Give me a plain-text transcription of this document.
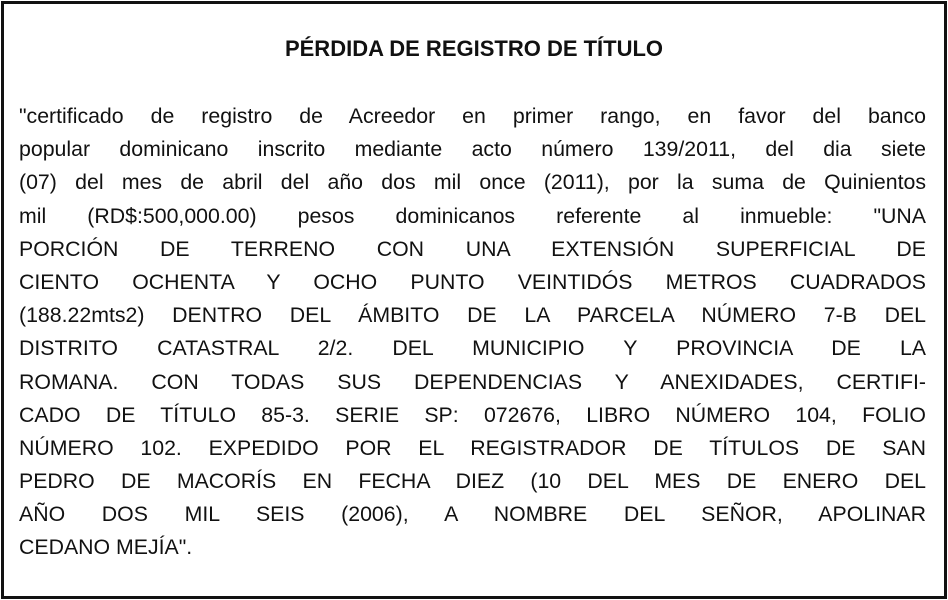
PÉRDIDA DE REGISTRO DE TÍTULO
"certificado de registro de Acreedor en primer rango, en favor del banco
popular dominicano inscrito mediante acto número 139/2011, del dia siete
(07) del mes de abril del año dos mil once (2011), por la suma de Quinientos
mil (RD$:500,000.00) pesos dominicanos referente al inmueble: "UNA
PORCIÓN DE TERRENO CON UNA EXTENSIÓN SUPERFICIAL DE
CIENTO OCHENTA Y OCHO PUNTO VEINTIDÓS METROS CUADRADOS
(188.22mts2) DENTRO DEL ÁMBITO DE LA PARCELA NÚMERO 7-B DEL
DISTRITO CATASTRAL 2/2. DEL MUNICIPIO Y PROVINCIA DE LA
ROMANA. CON TODAS SUS DEPENDENCIAS Y ANEXIDADES, CERTIFI-
CADO DE TÍTULO 85-3. SERIE SP: 072676, LIBRO NÚMERO 104, FOLIO
NÚMERO 102. EXPEDIDO POR EL REGISTRADOR DE TÍTULOS DE SAN
PEDRO DE MACORÍS EN FECHA DIEZ (10 DEL MES DE ENERO DEL
AÑO DOS MIL SEIS (2006), A NOMBRE DEL SEÑOR, APOLINAR
CEDANO MEJÍA".
